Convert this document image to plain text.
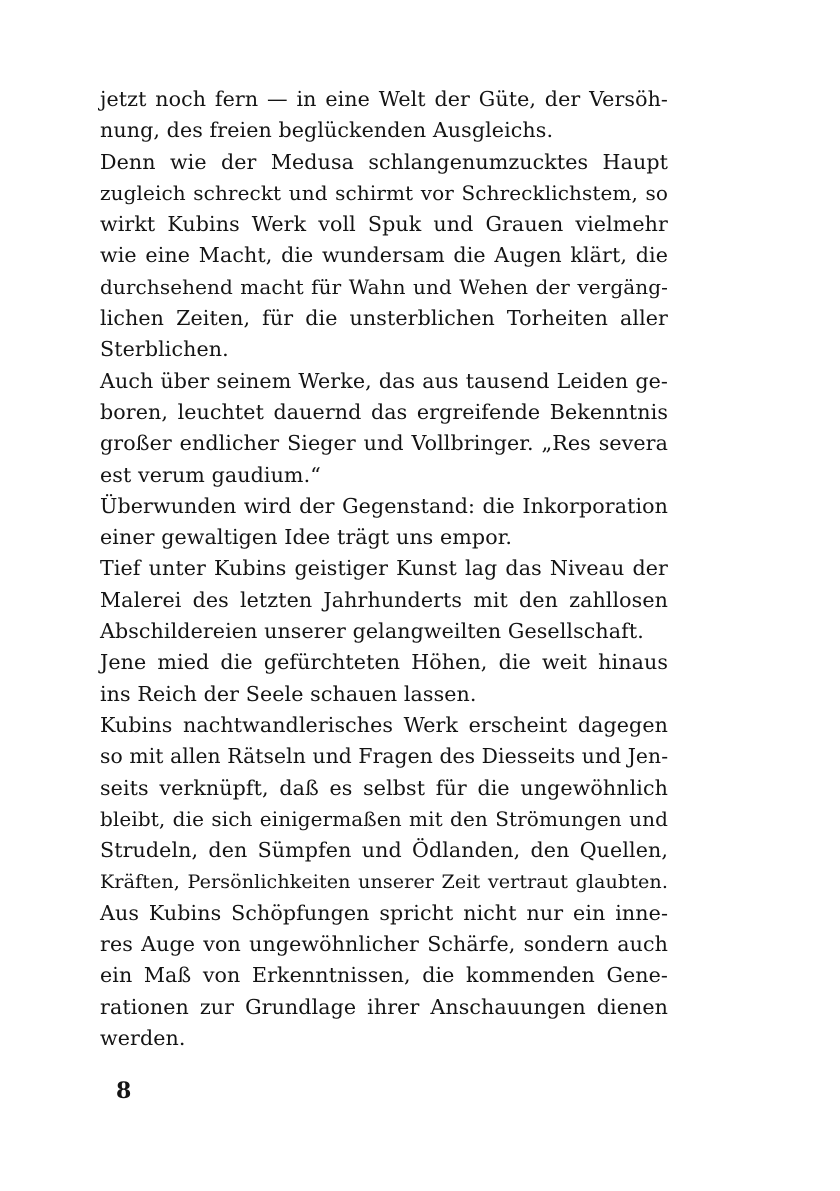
jetzt noch fern — in eine Welt der Güte, der Versöh-
nung, des freien beglückenden Ausgleichs.
Denn wie der Medusa schlangenumzucktes Haupt
zugleich schreckt und schirmt vor Schrecklichstem, so
wirkt Kubins Werk voll Spuk und Grauen vielmehr
wie eine Macht, die wundersam die Augen klärt, die
durchsehend macht für Wahn und Wehen der vergäng-
lichen Zeiten, für die unsterblichen Torheiten aller
Sterblichen.
Auch über seinem Werke, das aus tausend Leiden ge-
boren, leuchtet dauernd das ergreifende Bekenntnis
großer endlicher Sieger und Vollbringer. „Res severa
est verum gaudium.“
Überwunden wird der Gegenstand: die Inkorporation
einer gewaltigen Idee trägt uns empor.
Tief unter Kubins geistiger Kunst lag das Niveau der
Malerei des letzten Jahrhunderts mit den zahllosen
Abschildereien unserer gelangweilten Gesellschaft.
Jene mied die gefürchteten Höhen, die weit hinaus
ins Reich der Seele schauen lassen.
Kubins nachtwandlerisches Werk erscheint dagegen
so mit allen Rätseln und Fragen des Diesseits und Jen-
seits verknüpft, daß es selbst für die ungewöhnlich
bleibt, die sich einigermaßen mit den Strömungen und
Strudeln, den Sümpfen und Ödlanden, den Quellen,
Kräften, Persönlichkeiten unserer Zeit vertraut glaubten.
Aus Kubins Schöpfungen spricht nicht nur ein inne-
res Auge von ungewöhnlicher Schärfe, sondern auch
ein Maß von Erkenntnissen, die kommenden Gene-
rationen zur Grundlage ihrer Anschauungen dienen
werden.
8
